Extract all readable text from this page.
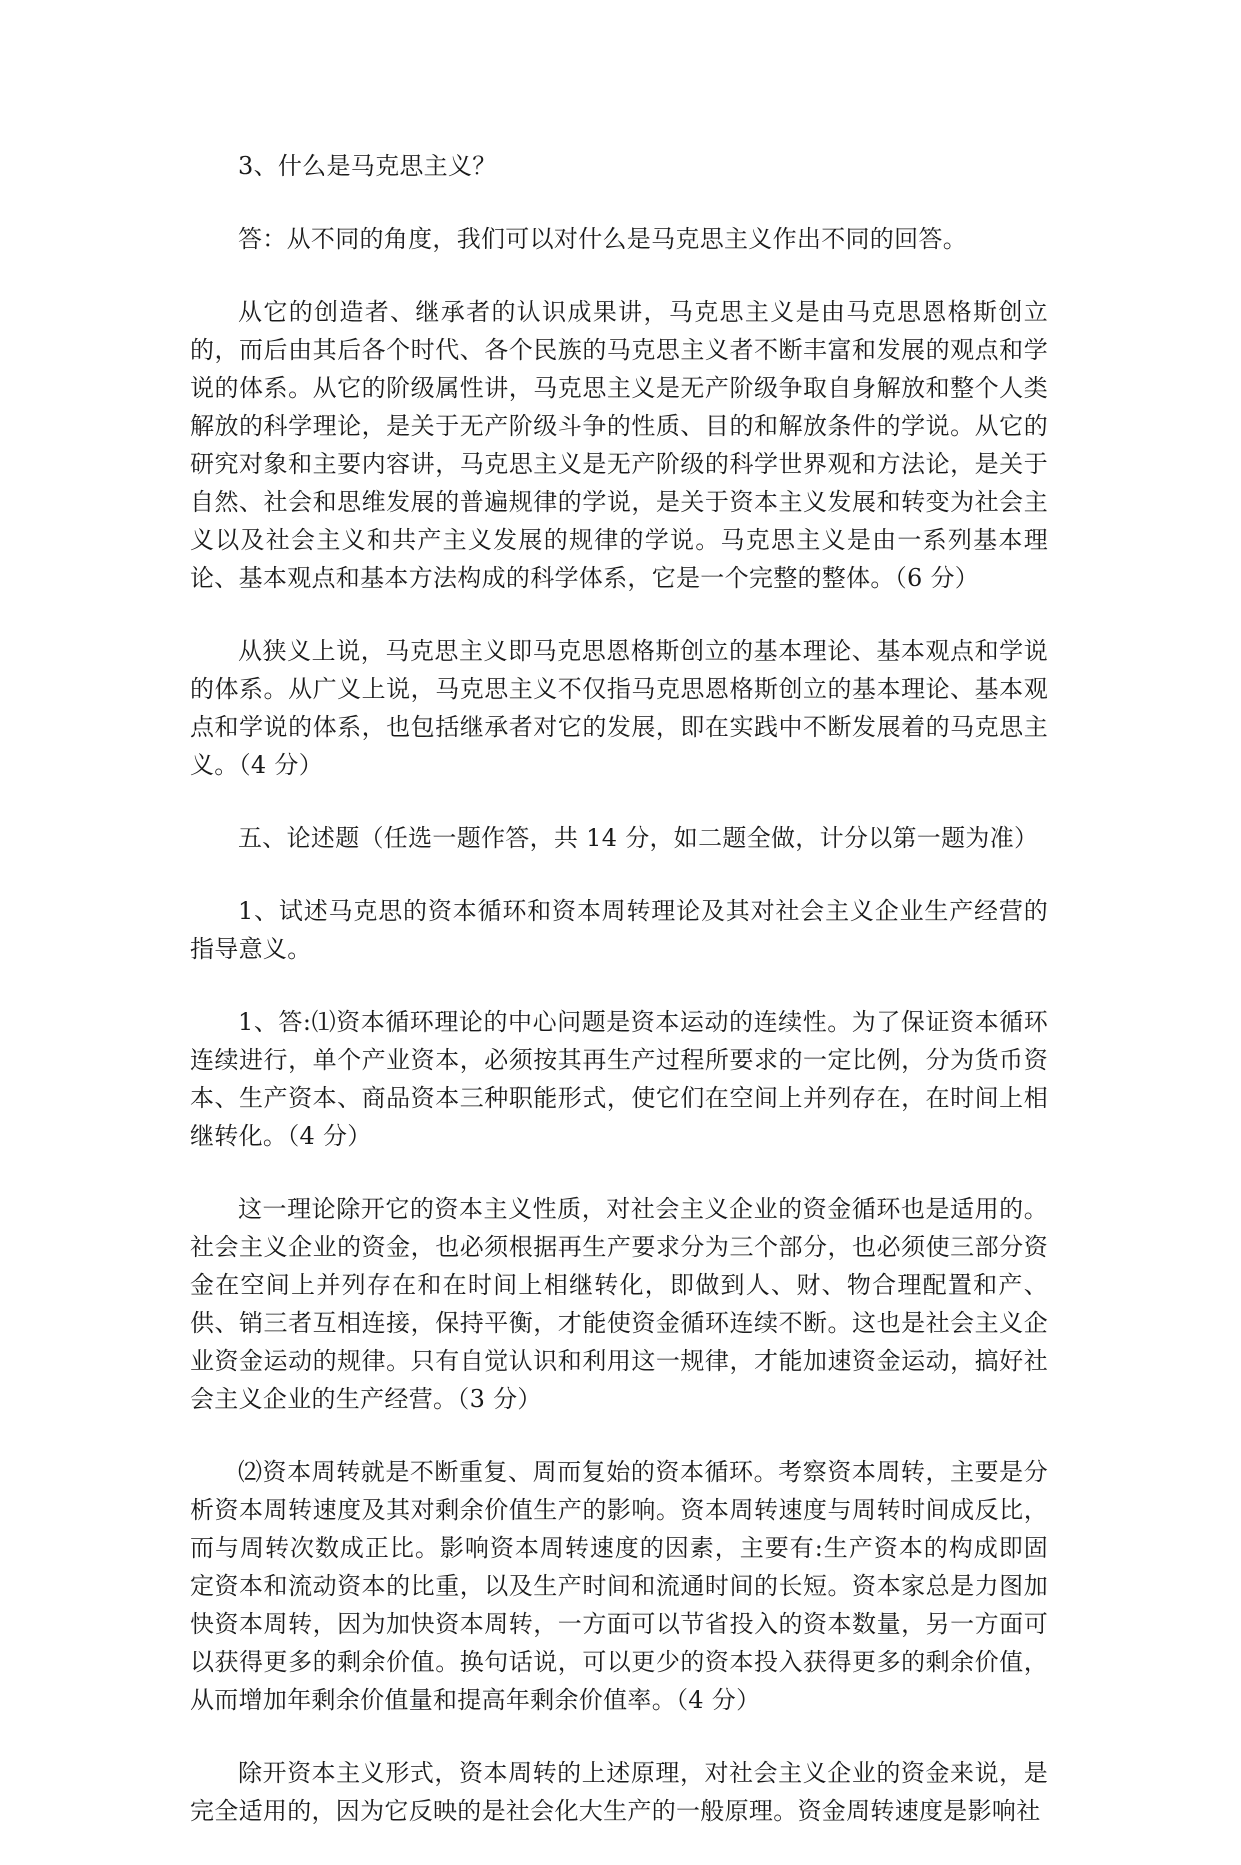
3、什么是马克思主义？

答：从不同的角度，我们可以对什么是马克思主义作出不同的回答。

从它的创造者、继承者的认识成果讲，马克思主义是由马克思恩格斯创立的，而后由其后各个时代、各个民族的马克思主义者不断丰富和发展的观点和学说的体系。从它的阶级属性讲，马克思主义是无产阶级争取自身解放和整个人类解放的科学理论，是关于无产阶级斗争的性质、目的和解放条件的学说。从它的研究对象和主要内容讲，马克思主义是无产阶级的科学世界观和方法论，是关于自然、社会和思维发展的普遍规律的学说，是关于资本主义发展和转变为社会主义以及社会主义和共产主义发展的规律的学说。马克思主义是由一系列基本理论、基本观点和基本方法构成的科学体系，它是一个完整的整体。（6 分）

从狭义上说，马克思主义即马克思恩格斯创立的基本理论、基本观点和学说的体系。从广义上说，马克思主义不仅指马克思恩格斯创立的基本理论、基本观点和学说的体系，也包括继承者对它的发展，即在实践中不断发展着的马克思主义。（4 分）

五、论述题（任选一题作答，共 14 分，如二题全做，计分以第一题为准）

1、试述马克思的资本循环和资本周转理论及其对社会主义企业生产经营的指导意义。

1、答:⑴资本循环理论的中心问题是资本运动的连续性。为了保证资本循环连续进行，单个产业资本，必须按其再生产过程所要求的一定比例，分为货币资本、生产资本、商品资本三种职能形式，使它们在空间上并列存在，在时间上相继转化。（4 分）

这一理论除开它的资本主义性质，对社会主义企业的资金循环也是适用的。社会主义企业的资金，也必须根据再生产要求分为三个部分，也必须使三部分资金在空间上并列存在和在时间上相继转化，即做到人、财、物合理配置和产、供、销三者互相连接，保持平衡，才能使资金循环连续不断。这也是社会主义企业资金运动的规律。只有自觉认识和利用这一规律，才能加速资金运动，搞好社会主义企业的生产经营。（3 分）

⑵资本周转就是不断重复、周而复始的资本循环。考察资本周转，主要是分析资本周转速度及其对剩余价值生产的影响。资本周转速度与周转时间成反比，而与周转次数成正比。影响资本周转速度的因素，主要有:生产资本的构成即固定资本和流动资本的比重，以及生产时间和流通时间的长短。资本家总是力图加快资本周转，因为加快资本周转，一方面可以节省投入的资本数量，另一方面可以获得更多的剩余价值。换句话说，可以更少的资本投入获得更多的剩余价值，从而增加年剩余价值量和提高年剩余价值率。（4 分）

除开资本主义形式，资本周转的上述原理，对社会主义企业的资金来说，是完全适用的，因为它反映的是社会化大生产的一般原理。资金周转速度是影响社
